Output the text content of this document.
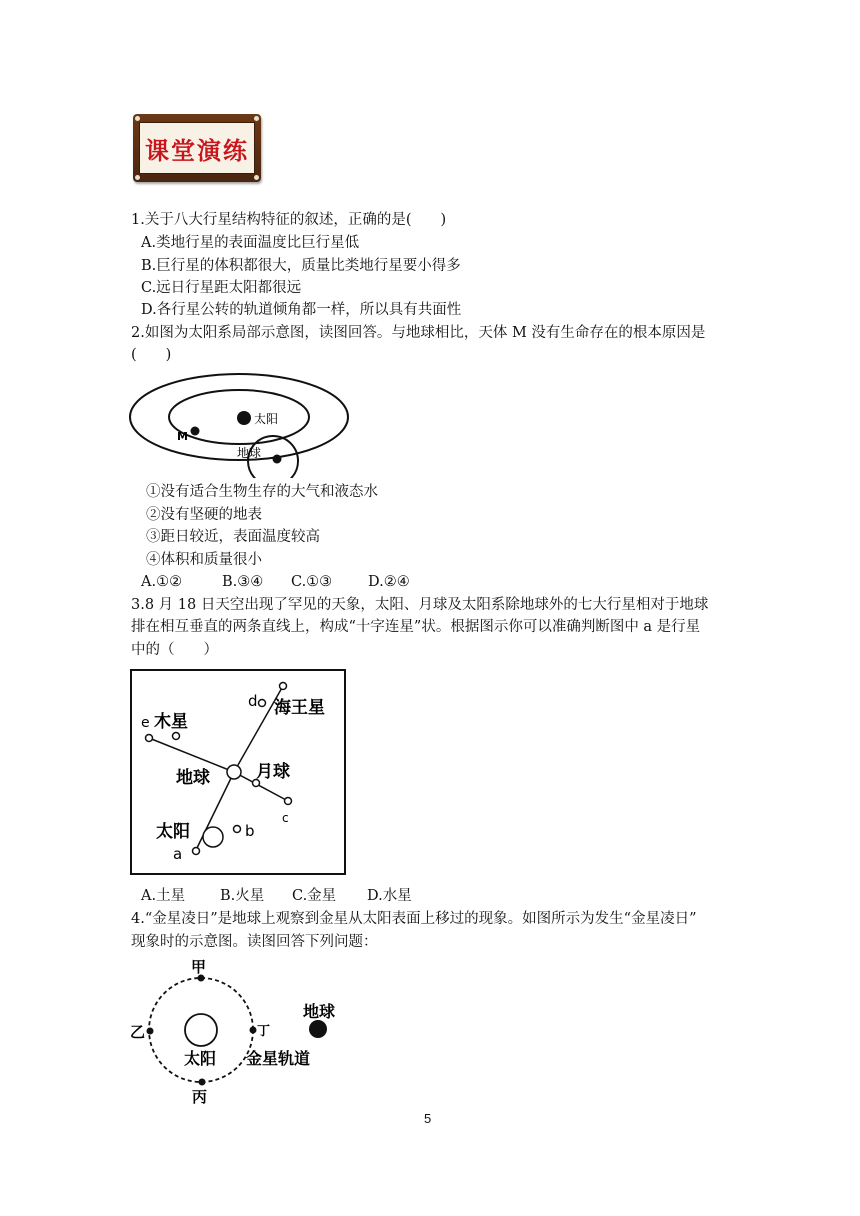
课堂演练
1.关于八大行星结构特征的叙述，正确的是(　　)
A.类地行星的表面温度比巨行星低
B.巨行星的体积都很大，质量比类地行星要小得多
C.远日行星距太阳都很远
D.各行星公转的轨道倾角都一样，所以具有共面性
2.如图为太阳系局部示意图，读图回答。与地球相比，天体 M 没有生命存在的根本原因是
(　　)
太阳
M
地球
①没有适合生物生存的大气和液态水
②没有坚硬的地表
③距日较近，表面温度较高
④体积和质量很小
A.①②	B.③④ C.①③ D.②④
3.8 月 18 日天空出现了罕见的天象，太阳、月球及太阳系除地球外的七大行星相对于地球
排在相互垂直的两条直线上，构成“十字连星”状。根据图示你可以准确判断图中 a 是行星
中的（　　）
d 海王星
e 木星
地球	月球
c
太阳	b
a
A.土星 B.火星 C.金星 D.水星
4.“金星凌日”是地球上观察到金星从太阳表面上移过的现象。如图所示为发生“金星凌日”
现象时的示意图。读图回答下列问题：
甲
乙
丙
丁
太阳 金星轨道
地球
5
